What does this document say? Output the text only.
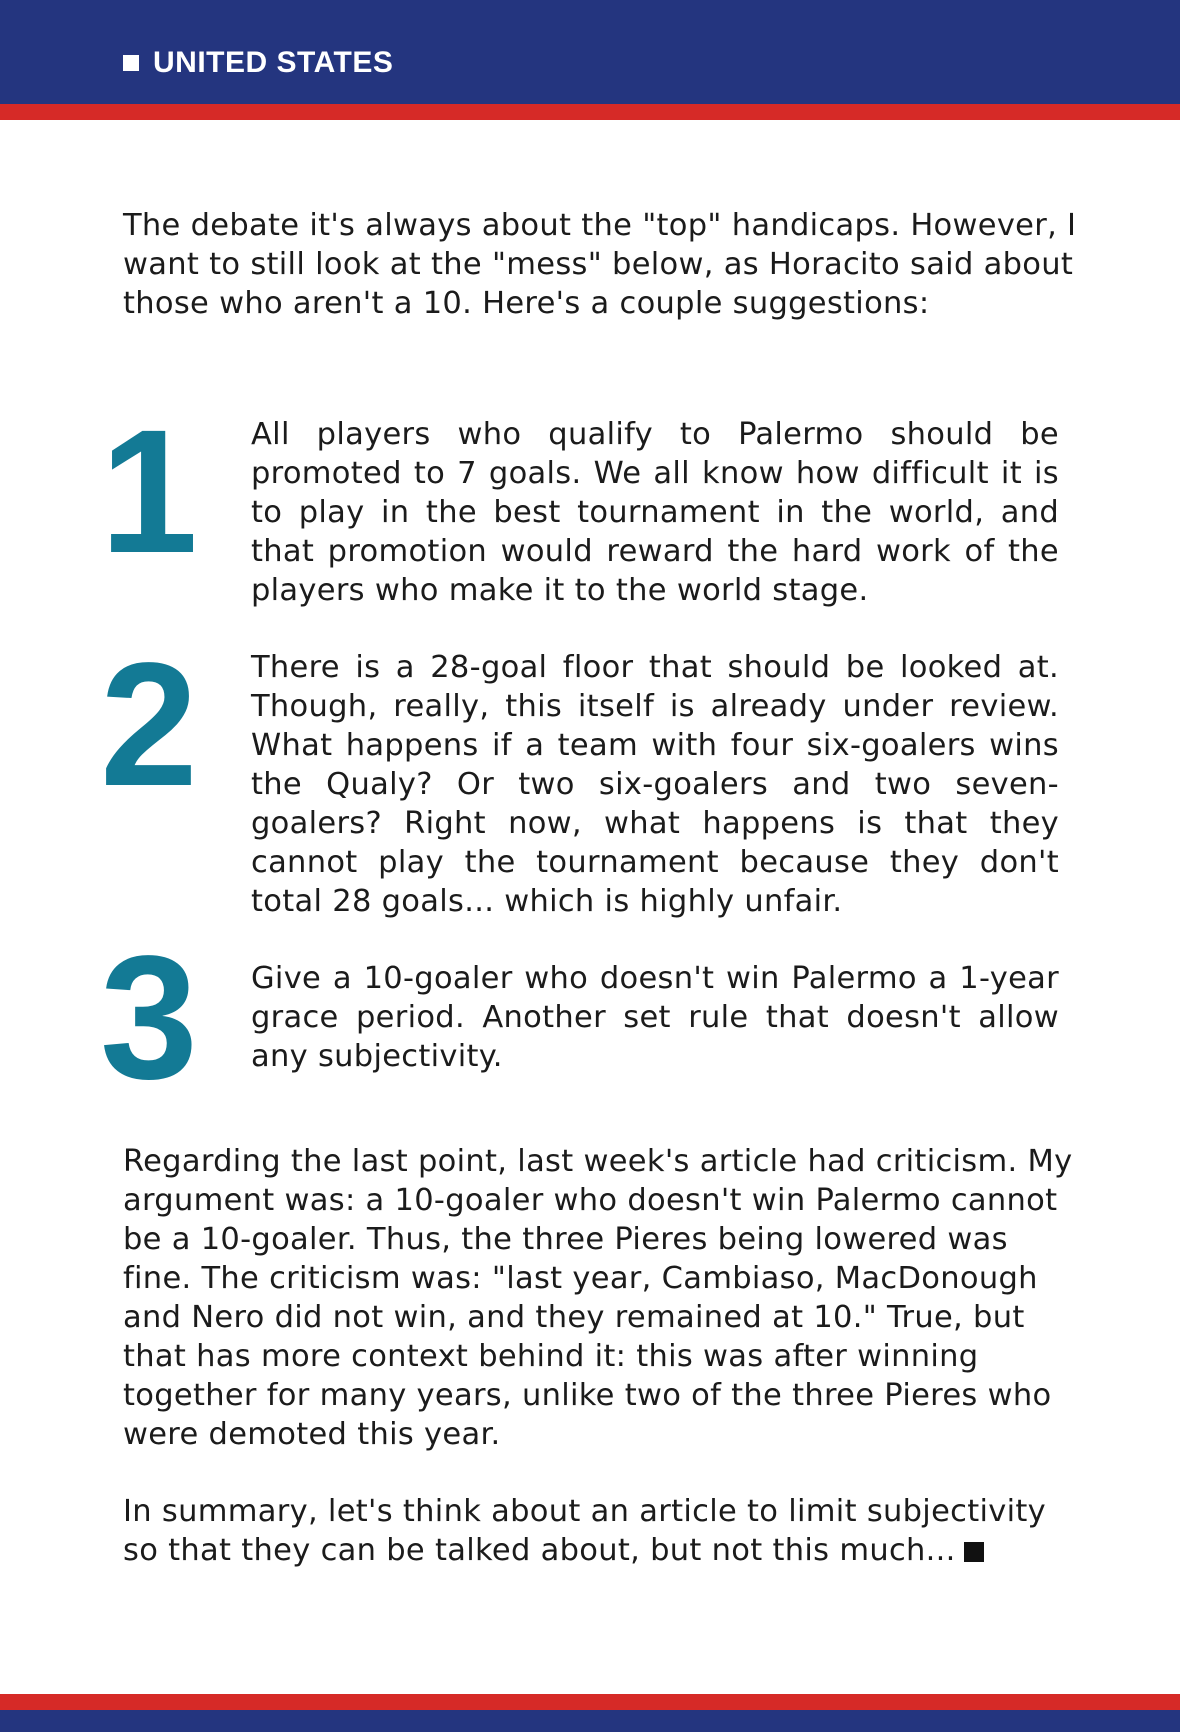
UNITED STATES

The debate it's always about the "top" handicaps. However, I want to still look at the "mess" below, as Horacito said about those who aren't a 10. Here's a couple suggestions:

1 All players who qualify to Palermo should be promoted to 7 goals. We all know how difficult it is to play in the best tournament in the world, and that promotion would reward the hard work of the players who make it to the world stage.

2 There is a 28-goal floor that should be looked at. Though, really, this itself is already under review. What happens if a team with four six-goalers wins the Qualy? Or two six-goalers and two seven-goalers? Right now, what happens is that they cannot play the tournament because they don't total 28 goals... which is highly unfair.

3 Give a 10-goaler who doesn't win Palermo a 1-year grace period. Another set rule that doesn't allow any subjectivity.

Regarding the last point, last week's article had criticism. My argument was: a 10-goaler who doesn't win Palermo cannot be a 10-goaler. Thus, the three Pieres being lowered was fine. The criticism was: "last year, Cambiaso, MacDonough and Nero did not win, and they remained at 10." True, but that has more context behind it: this was after winning together for many years, unlike two of the three Pieres who were demoted this year.

In summary, let's think about an article to limit subjectivity so that they can be talked about, but not this much...
